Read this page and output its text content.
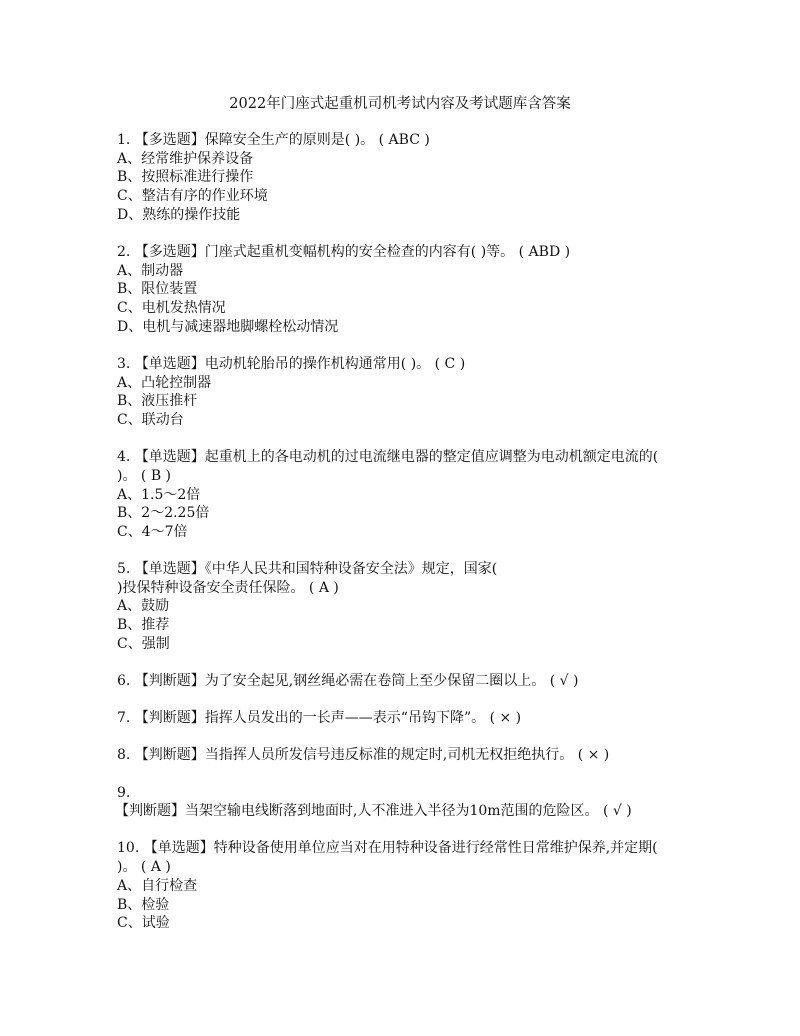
2022年门座式起重机司机考试内容及考试题库含答案
1. 【多选题】保障安全生产的原则是( )。 ( ABC )
A、经常维护保养设备
B、按照标准进行操作
C、整洁有序的作业环境
D、熟练的操作技能
2. 【多选题】门座式起重机变幅机构的安全检查的内容有( )等。 ( ABD )
A、制动器
B、限位装置
C、电机发热情况
D、电机与减速器地脚螺栓松动情况
3. 【单选题】电动机轮胎吊的操作机构通常用( )。 ( C )
A、凸轮控制器
B、液压推杆
C、联动台
4. 【单选题】起重机上的各电动机的过电流继电器的整定值应调整为电动机额定电流的(
)。 ( B )
A、1.5～2倍
B、2～2.25倍
C、4～7倍
5. 【单选题】《中华人民共和国特种设备安全法》规定，国家(
)投保特种设备安全责任保险。 ( A )
A、鼓励
B、推荐
C、强制
6. 【判断题】为了安全起见,钢丝绳必需在卷筒上至少保留二圈以上。 ( √ )
7. 【判断题】指挥人员发出的一长声——表示“吊钩下降”。 ( × )
8. 【判断题】当指挥人员所发信号违反标准的规定时,司机无权拒绝执行。 ( × )
9.
【判断题】当架空输电线断落到地面时,人不准进入半径为10m范围的危险区。 ( √ )
10. 【单选题】特种设备使用单位应当对在用特种设备进行经常性日常维护保养,并定期(
)。 ( A )
A、自行检查
B、检验
C、试验
